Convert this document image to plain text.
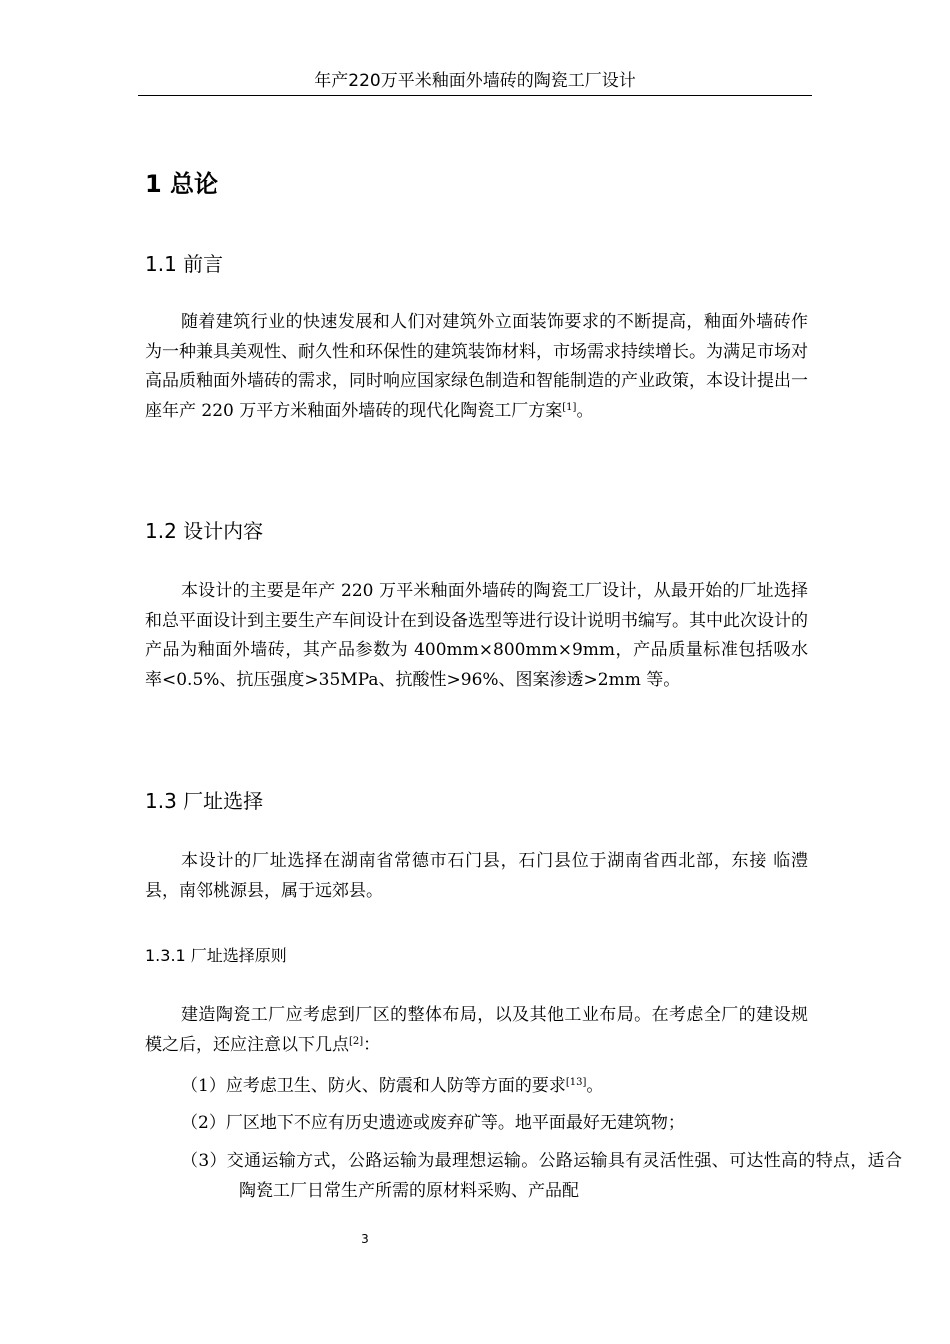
年产220万平米釉面外墙砖的陶瓷工厂设计
1 总论
1.1 前言

随着建筑行业的快速发展和人们对建筑外立面装饰要求的不断提高，釉面外墙砖作为一种兼具美观性、耐久性和环保性的建筑装饰材料，市场需求持续增长。为满足市场对高品质釉面外墙砖的需求，同时响应国家绿色制造和智能制造的产业政策，本设计提出一座年产 220 万平方米釉面外墙砖的现代化陶瓷工厂方案[1]。

1.2 设计内容

本设计的主要是年产 220 万平米釉面外墙砖的陶瓷工厂设计，从最开始的厂址选择和总平面设计到主要生产车间设计在到设备选型等进行设计说明书编写。其中此次设计的产品为釉面外墙砖，其产品参数为 400mm×800mm×9mm，产品质量标准包括吸水率<0.5%、抗压强度>35MPa、抗酸性>96%、图案渗透>2mm 等。

1.3 厂址选择

本设计的厂址选择在湖南省常德市石门县，石门县位于湖南省西北部，东接 临澧县，南邻桃源县，属于远郊县。

1.3.1 厂址选择原则

建造陶瓷工厂应考虑到厂区的整体布局，以及其他工业布局。在考虑全厂的建设规模之后，还应注意以下几点[2]：

（1）应考虑卫生、防火、防震和人防等方面的要求[13]。

（2）厂区地下不应有历史遗迹或废弃矿等。地平面最好无建筑物；

（3）交通运输方式，公路运输为最理想运输。公路运输具有灵活性强、可达性高的特点，适合陶瓷工厂日常生产所需的原材料采购、产品配

3
